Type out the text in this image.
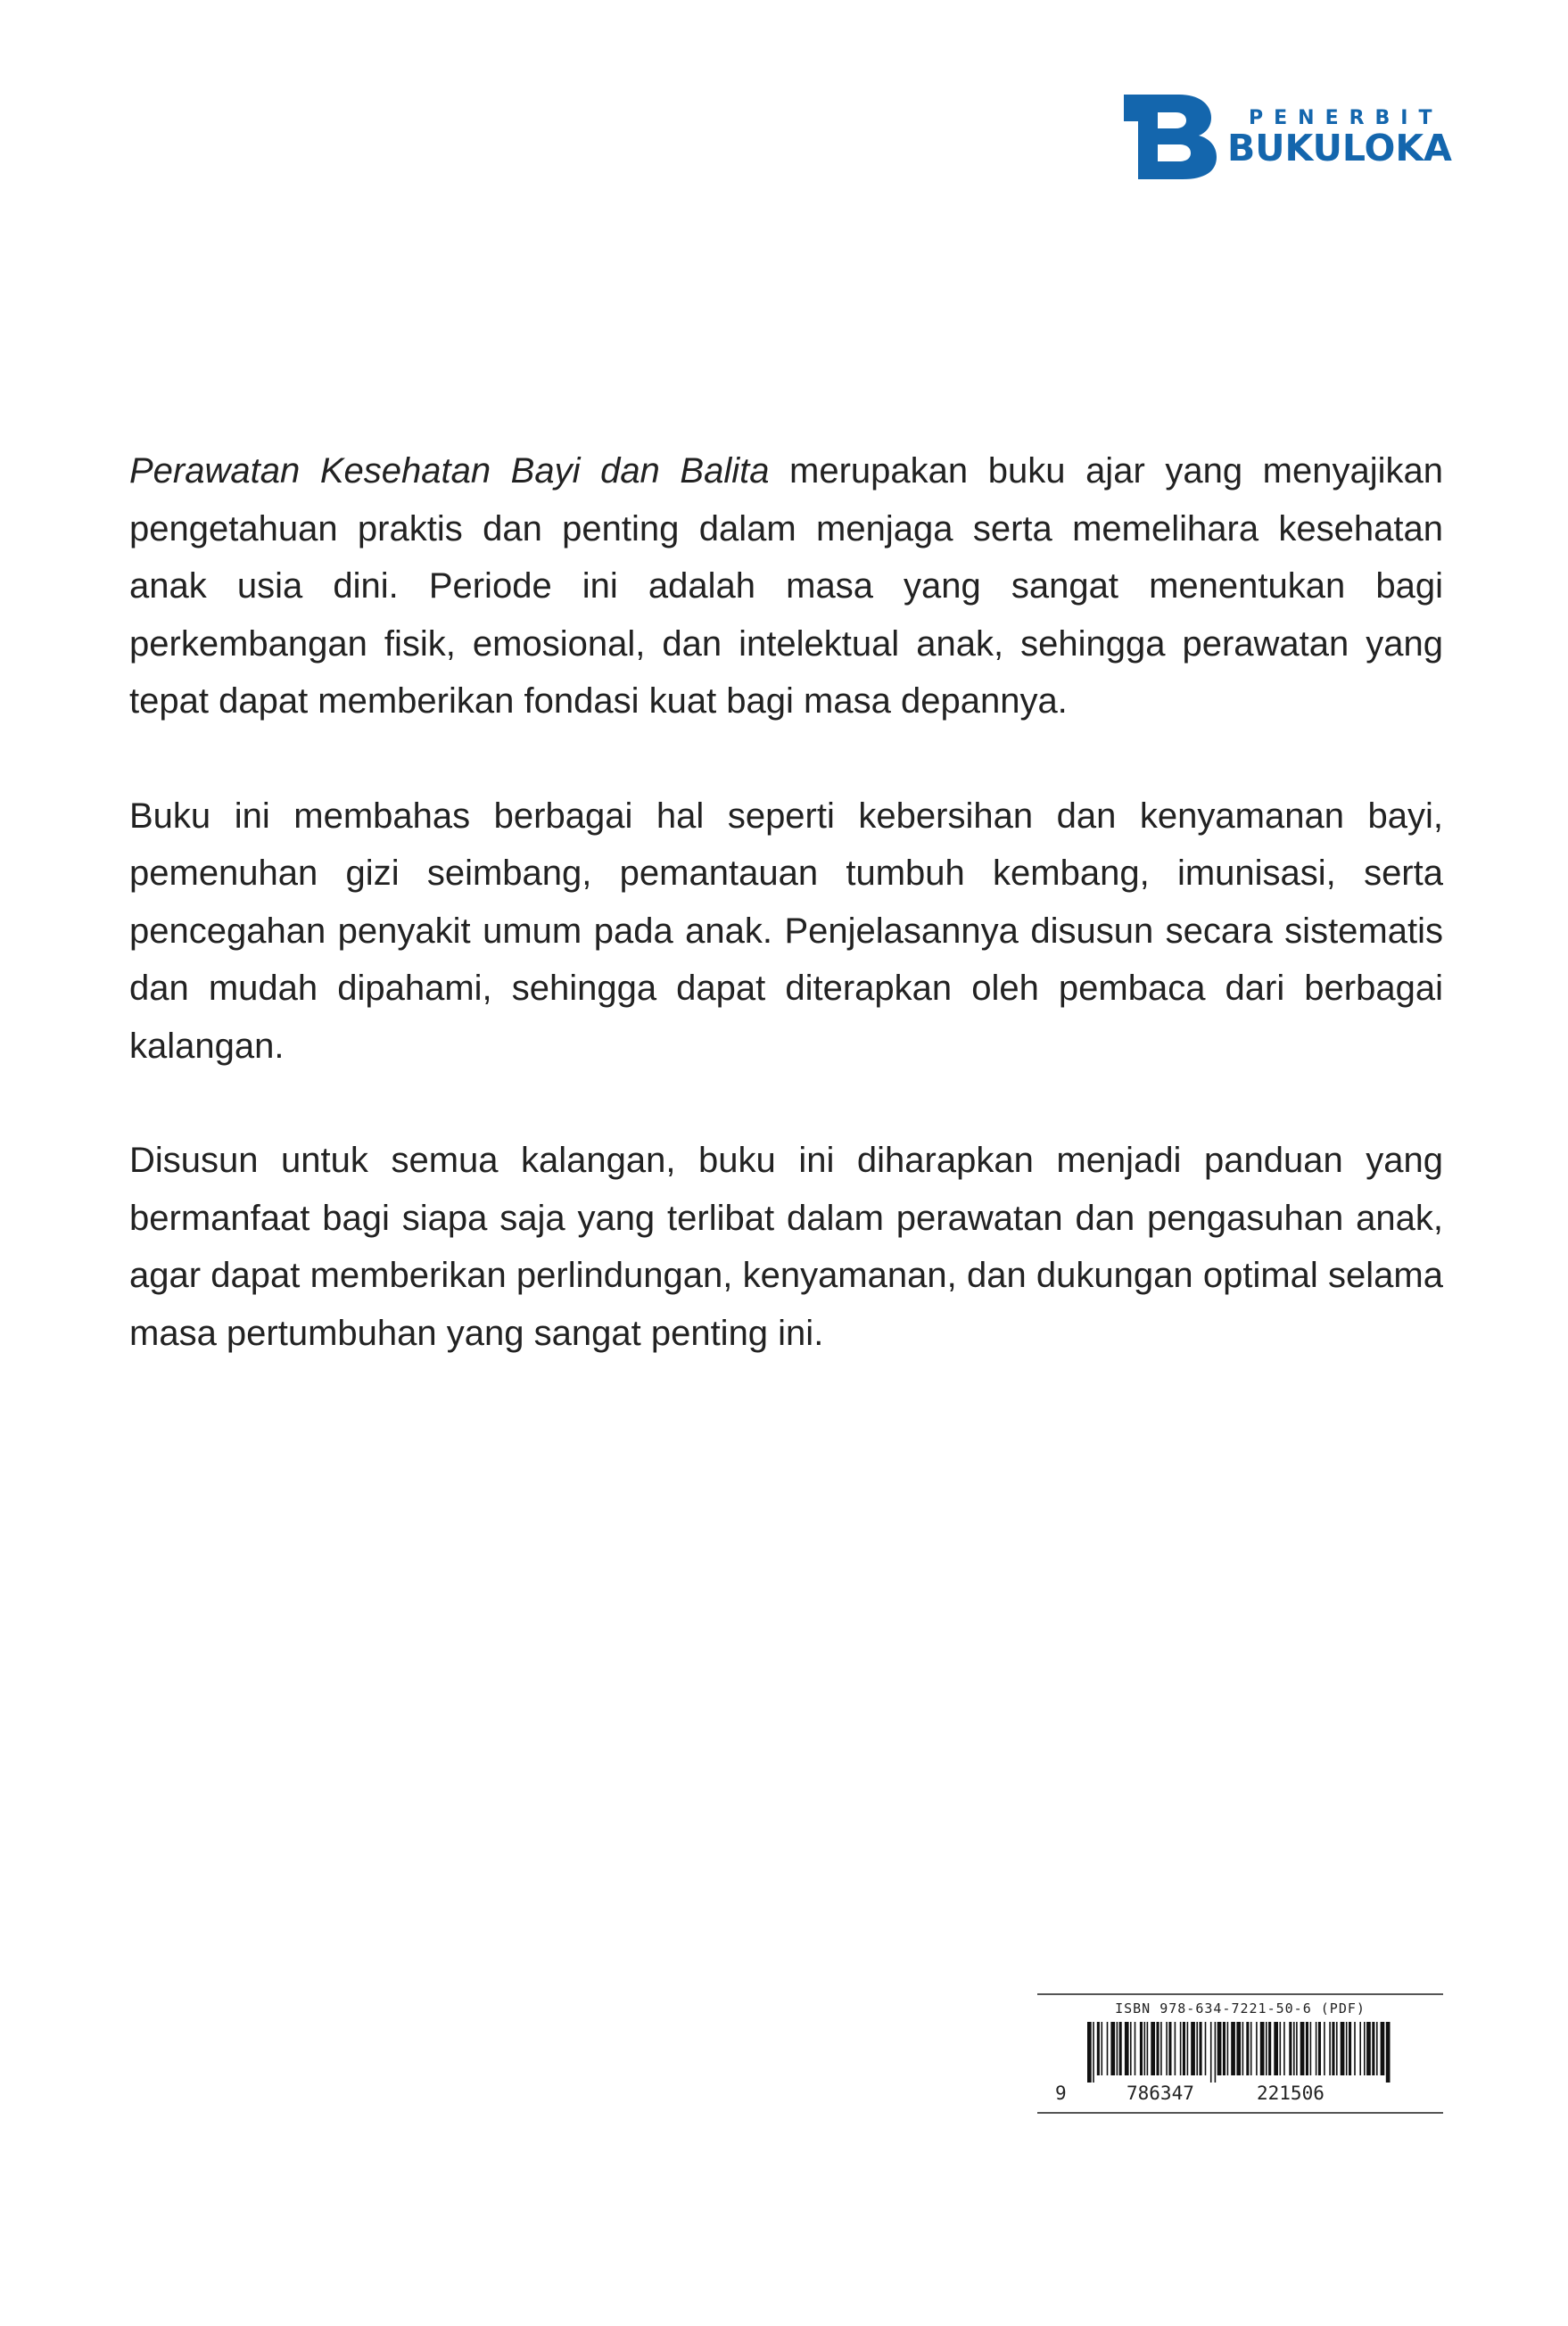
PENERBIT
BUKULOKA

Perawatan Kesehatan Bayi dan Balita merupakan buku ajar yang menyajikan pengetahuan praktis dan penting dalam menjaga serta memelihara kesehatan anak usia dini. Periode ini adalah masa yang sangat menentukan bagi perkembangan fisik, emosional, dan intelektual anak, sehingga perawatan yang tepat dapat memberikan fondasi kuat bagi masa depannya.

Buku ini membahas berbagai hal seperti kebersihan dan kenyamanan bayi, pemenuhan gizi seimbang, pemantauan tumbuh kembang, imunisasi, serta pencegahan penyakit umum pada anak. Penjelasannya disusun secara sistematis dan mudah dipahami, sehingga dapat diterapkan oleh pembaca dari berbagai kalangan.

Disusun untuk semua kalangan, buku ini diharapkan menjadi panduan yang bermanfaat bagi siapa saja yang terlibat dalam perawatan dan pengasuhan anak, agar dapat memberikan perlindungan, kenyamanan, dan dukungan optimal selama masa pertumbuhan yang sangat penting ini.

ISBN 978-634-7221-50-6 (PDF)
9	786347	221506
